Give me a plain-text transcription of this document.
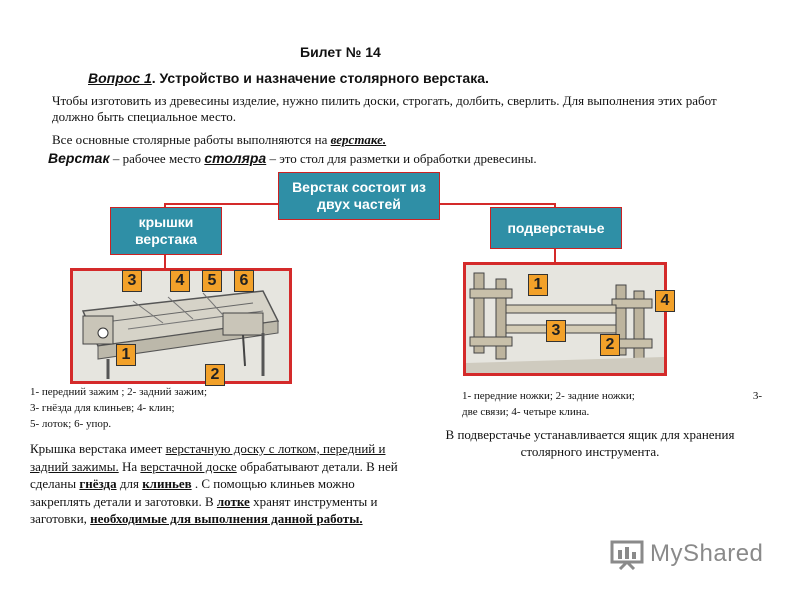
Билет № 14
Вопрос 1. Устройство и назначение столярного верстака.
Чтобы изготовить из древесины изделие, нужно пилить доски, строгать, долбить, сверлить. Для выполнения этих работ должно быть специальное место.
Все основные столярные работы выполняются на верстаке.
Верстак – рабочее место столяра – это стол для разметки и обработки древесины.
Верстак состоит из двух частей
крышки верстака
подверстачье
3	4	5	6
1
2
1
4
3
2
1- передний зажим ; 2- задний зажим;
3- гнёзда для клиньев; 4- клин;
5- лоток; 6- упор.
1- передние ножки; 2- задние ножки;	3-
две связи; 4- четыре клина.
В подверстачье устанавливается ящик для хранения столярного инструмента.
Крышка верстака имеет верстачную доску с лотком, передний и задний зажимы. На верстачной доске обрабатывают детали. В ней сделаны гнёзда для клиньев . С помощью клиньев можно закреплять детали и заготовки. В лотке хранят инструменты и заготовки, необходимые для выполнения данной работы.
MyShared
